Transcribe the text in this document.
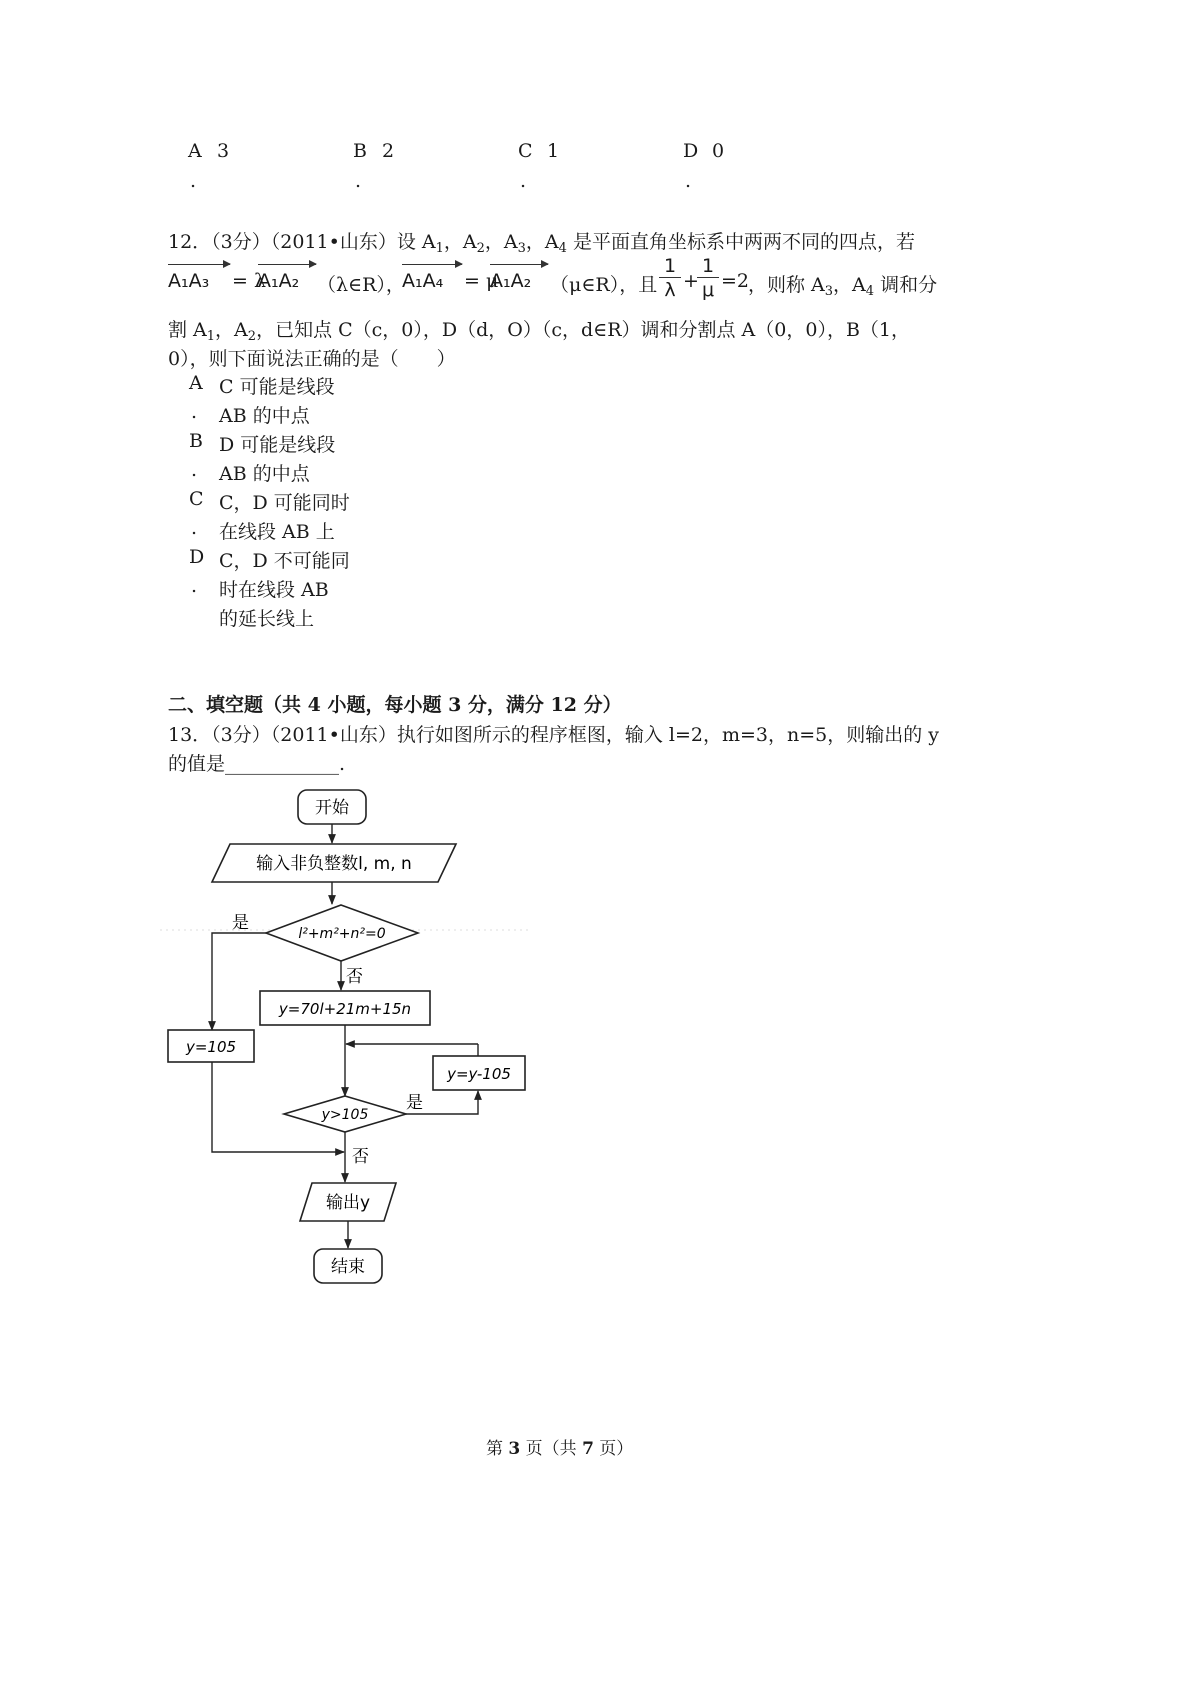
A 3
.
B 2
.
C 1
.
D 0
.
12．（3分）（2011•山东）设 $A_1$，$A_2$，$A_3$，$A_4$ 是平面直角坐标系中两两不同的四点，若
A₁A₃	= λ
A₁A₂ （λ∈R），
A₁A₄	= μ
A₁A₂ （μ∈R），且 $\frac{1}{\lambda}$ +
$\frac{1}{\mu} =2$
，则称 $A_3$，$A_4$ 调和分
割 $A_1$，$A_2$，已知点 C（c，0），D（d，O）（c，d∈R）调和分割点 A（0，0），B（1，
0），则下面说法正确的是（　　）
A C 可能是线段
. AB 的中点
B D 可能是线段
. AB 的中点
C C，D 可能同时
. 在线段 AB 上
D C，D 不可能同
. 时在线段 AB
的延长线上
二、填空题（共 4 小题，每小题 3 分，满分 12 分）
13．（3分）（2011•山东）执行如图所示的程序框图，输入 l=2，m=3，n=5，则输出的 y
的值是____________.
开始
输入非负整数l, m, n
l²+m²+n²=0
是
否
y=70l+21m+15n
y=105
y=y-105
y>105
是
否
输出y
结束
第 3 页（共 7 页）
